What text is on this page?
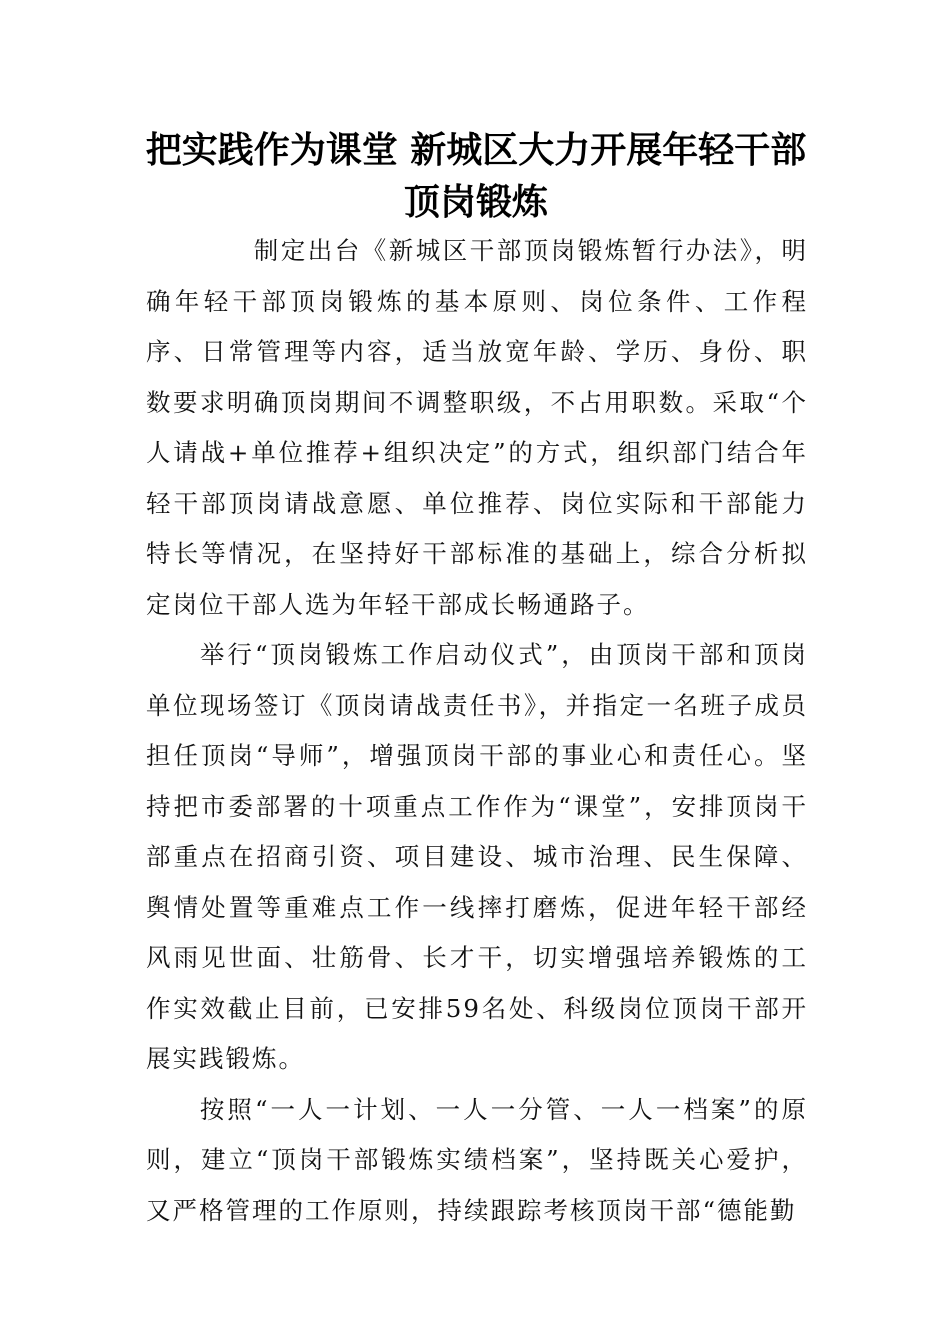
把实践作为课堂 新城区大力开展年轻干部顶岗锻炼

制定出台《新城区干部顶岗锻炼暂行办法》，明确年轻干部顶岗锻炼的基本原则、岗位条件、工作程序、日常管理等内容，适当放宽年龄、学历、身份、职数要求明确顶岗期间不调整职级，不占用职数。采取“个人请战+单位推荐+组织决定”的方式，组织部门结合年轻干部顶岗请战意愿、单位推荐、岗位实际和干部能力特长等情况，在坚持好干部标准的基础上，综合分析拟定岗位干部人选为年轻干部成长畅通路子。

举行“顶岗锻炼工作启动仪式”，由顶岗干部和顶岗单位现场签订《顶岗请战责任书》，并指定一名班子成员担任顶岗“导师”，增强顶岗干部的事业心和责任心。坚持把市委部署的十项重点工作作为“课堂”，安排顶岗干部重点在招商引资、项目建设、城市治理、民生保障、舆情处置等重难点工作一线摔打磨炼，促进年轻干部经风雨见世面、壮筋骨、长才干，切实增强培养锻炼的工作实效截止目前，已安排59名处、科级岗位顶岗干部开展实践锻炼。

按照“一人一计划、一人一分管、一人一档案”的原则，建立“顶岗干部锻炼实绩档案”，坚持既关心爱护，又严格管理的工作原则，持续跟踪考核顶岗干部“德能勤
